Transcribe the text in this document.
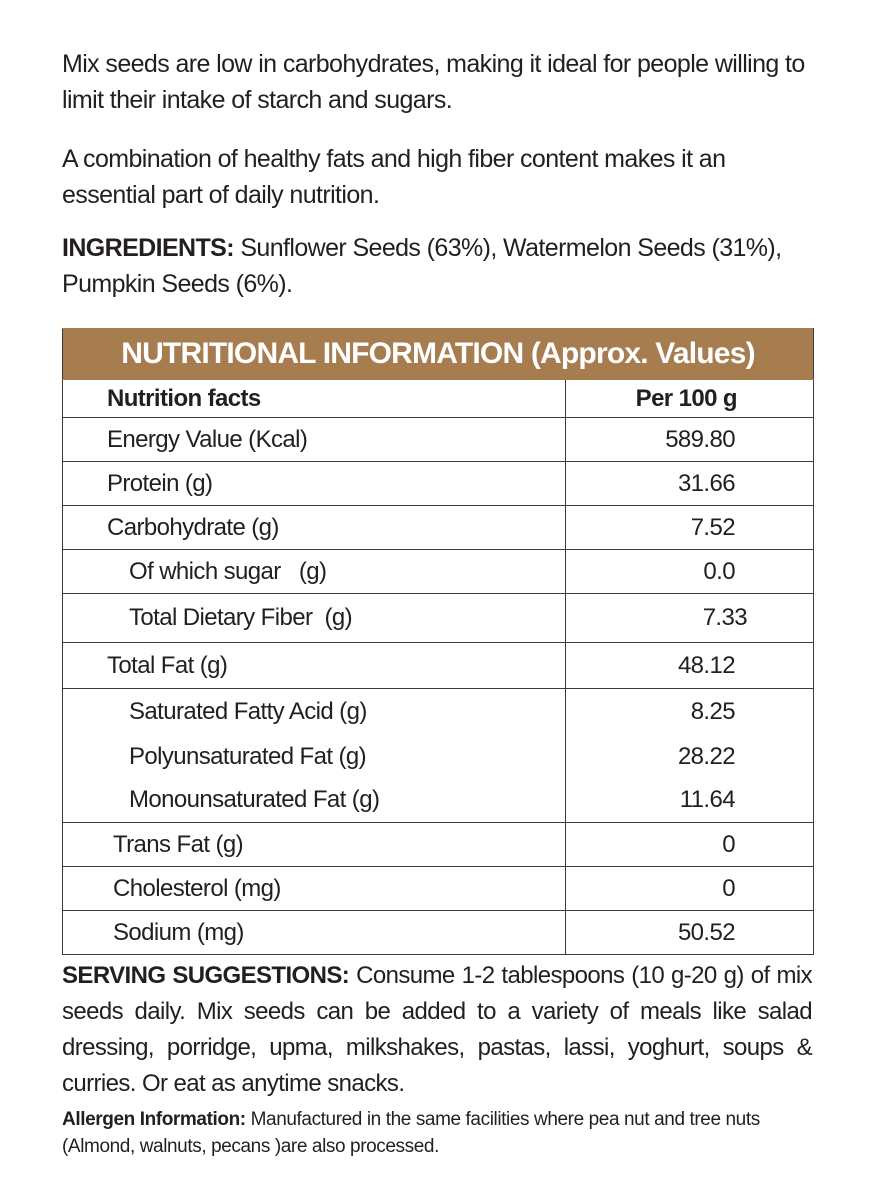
Mix seeds are low in carbohydrates, making it ideal for people willing to limit their intake of starch and sugars.

A combination of healthy fats and high fiber content makes it an essential part of daily nutrition.

INGREDIENTS: Sunflower Seeds (63%), Watermelon Seeds (31%), Pumpkin Seeds (6%).

NUTRITIONAL INFORMATION (Approx. Values)	
Nutrition facts	Per 100 g
Energy Value (Kcal)	589.80
Protein (g)	31.66
Carbohydrate (g)	7.52
Of which sugar   (g)	0.0
Total Dietary Fiber  (g)	7.33
Total Fat (g)	48.12
Saturated Fatty Acid (g)	8.25
Polyunsaturated Fat (g)	28.22
Monounsaturated Fat (g)	11.64
Trans Fat (g)	0
Cholesterol (mg)	0
Sodium (mg)	50.52

SERVING SUGGESTIONS: Consume 1-2 tablespoons (10 g-20 g) of mix seeds daily. Mix seeds can be added to a variety of meals like salad dressing, porridge, upma, milkshakes, pastas, lassi, yoghurt, soups & curries. Or eat as anytime snacks.

Allergen Information: Manufactured in the same facilities where pea nut and tree nuts (Almond, walnuts, pecans )are also processed.
